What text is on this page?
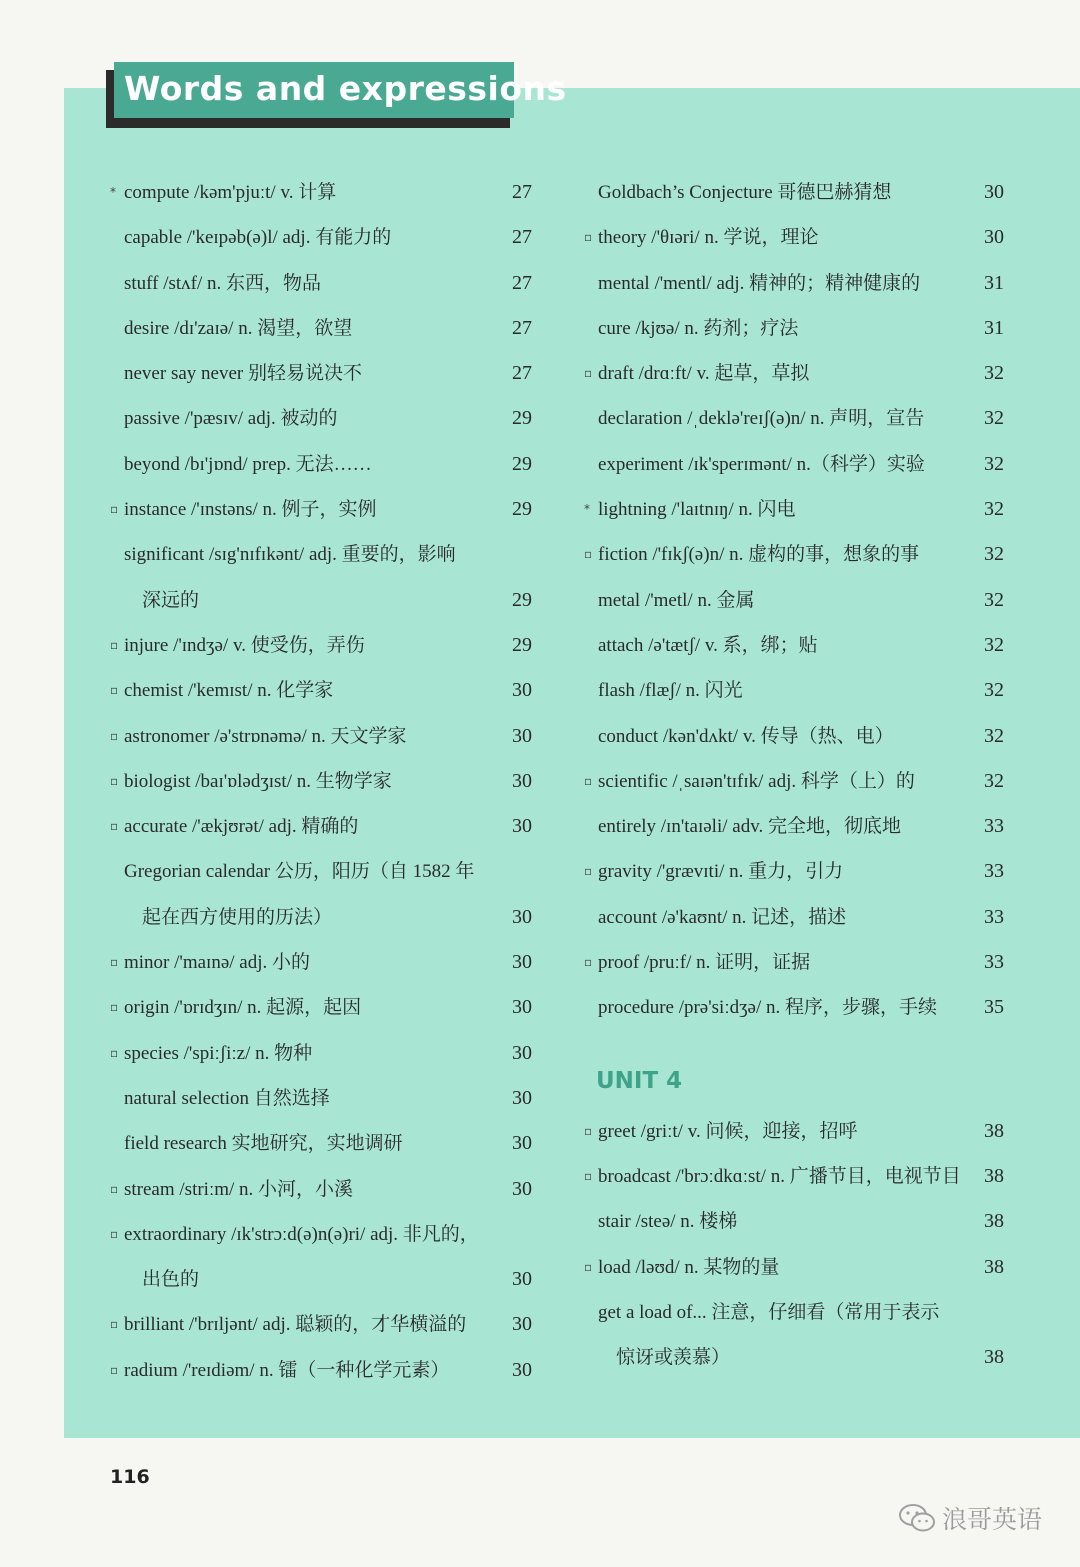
Words and expressions
* compute /kəm'pjuːt/ v. 计算	27
capable /'keɪpəb(ə)l/ adj. 有能力的	27
stuff /stʌf/ n. 东西，物品	27
desire /dɪ'zaɪə/ n. 渴望，欲望	27
never say never 别轻易说决不	27
passive /'pæsɪv/ adj. 被动的	29
beyond /bɪ'jɒnd/ prep. 无法……	29
▫ instance /'ɪnstəns/ n. 例子，实例	29
significant /sɪg'nɪfɪkənt/ adj. 重要的，影响
深远的	29
▫ injure /'ɪndʒə/ v. 使受伤，弄伤	29
▫ chemist /'kemɪst/ n. 化学家	30
▫ astronomer /ə'strɒnəmə/ n. 天文学家	30
▫ biologist /baɪ'ɒlədʒɪst/ n. 生物学家	30
▫ accurate /'ækjʊrət/ adj. 精确的	30
Gregorian calendar 公历，阳历（自 1582 年
起在西方使用的历法）	30
▫ minor /'maɪnə/ adj. 小的	30
▫ origin /'ɒrɪdʒɪn/ n. 起源，起因	30
▫ species /'spiːʃiːz/ n. 物种	30
natural selection 自然选择	30
field research 实地研究，实地调研	30
▫ stream /striːm/ n. 小河，小溪	30
▫ extraordinary /ɪk'strɔːd(ə)n(ə)ri/ adj. 非凡的，
出色的	30
▫ brilliant /'brɪljənt/ adj. 聪颖的，才华横溢的 30
▫ radium /'reɪdiəm/ n. 镭（一种化学元素）	30
Goldbach’s Conjecture 哥德巴赫猜想	30
▫ theory /'θɪəri/ n. 学说，理论	30
mental /'mentl/ adj. 精神的；精神健康的	31
cure /kjʊə/ n. 药剂；疗法	31
▫ draft /drɑːft/ v. 起草，草拟	32
declaration /ˌdeklə'reɪʃ(ə)n/ n. 声明，宣告	32
experiment /ɪk'sperɪmənt/ n.（科学）实验	32
* lightning /'laɪtnɪŋ/ n. 闪电	32
▫ fiction /'fɪkʃ(ə)n/ n. 虚构的事，想象的事	32
metal /'metl/ n. 金属	32
attach /ə'tætʃ/ v. 系，绑；贴	32
flash /flæʃ/ n. 闪光	32
conduct /kən'dʌkt/ v. 传导（热、电）	32
▫ scientific /ˌsaɪən'tɪfɪk/ adj. 科学（上）的	32
entirely /ɪn'taɪəli/ adv. 完全地，彻底地	33
▫ gravity /'grævɪti/ n. 重力，引力	33
account /ə'kaʊnt/ n. 记述，描述	33
▫ proof /pruːf/ n. 证明，证据	33
procedure /prə'siːdʒə/ n. 程序，步骤，手续 35
UNIT 4
▫ greet /griːt/ v. 问候，迎接，招呼	38
▫ broadcast /'brɔːdkɑːst/ n. 广播节目，电视节目 38
stair /steə/ n. 楼梯	38
▫ load /ləʊd/ n. 某物的量	38
get a load of... 注意，仔细看（常用于表示
惊讶或羡慕）	38
116
浪哥英语
